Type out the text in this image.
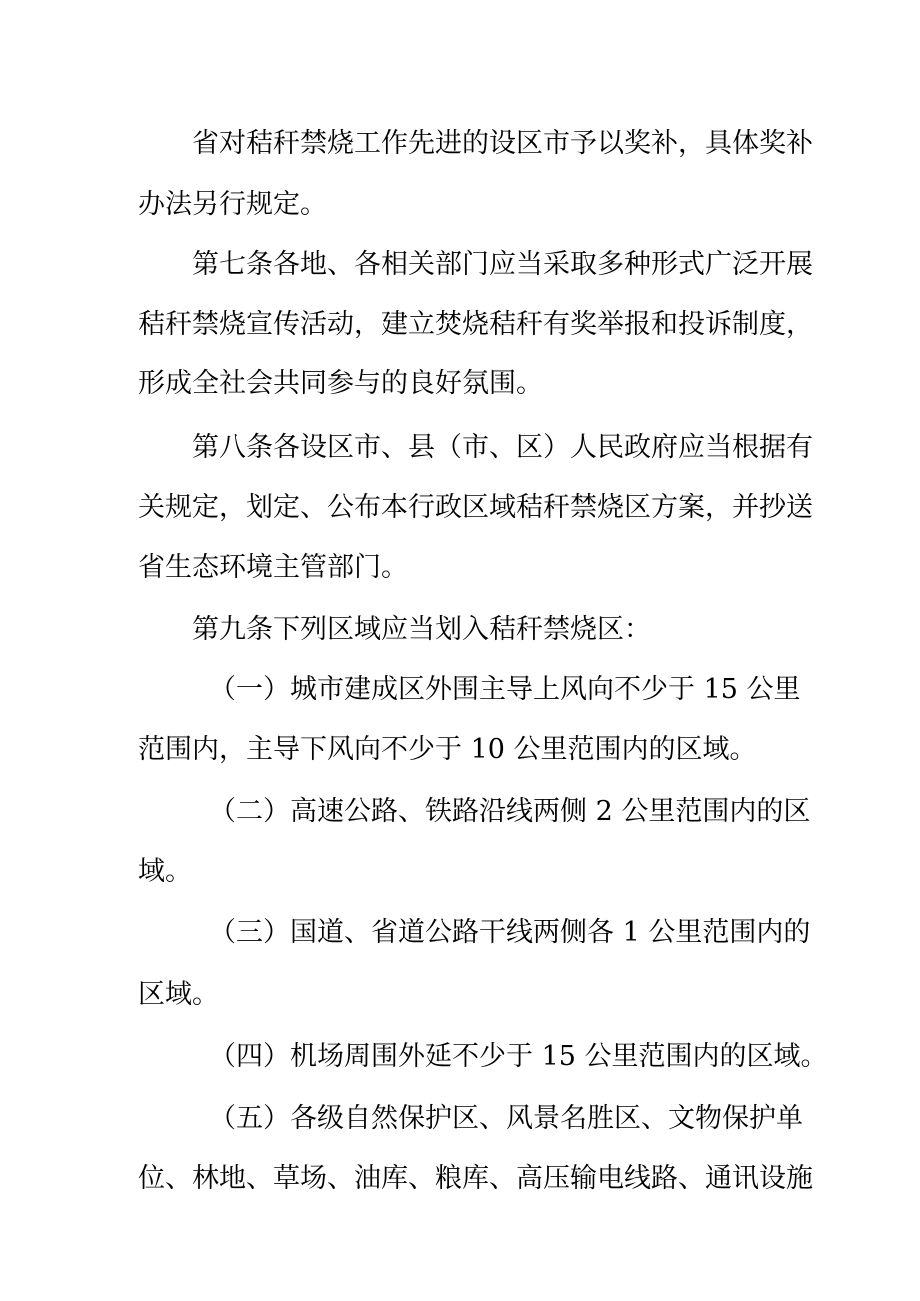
省对秸秆禁烧工作先进的设区市予以奖补，具体奖补
办法另行规定。
第七条各地、各相关部门应当采取多种形式广泛开展
秸秆禁烧宣传活动，建立焚烧秸秆有奖举报和投诉制度，
形成全社会共同参与的良好氛围。
第八条各设区市、县（市、区）人民政府应当根据有
关规定，划定、公布本行政区域秸秆禁烧区方案，并抄送
省生态环境主管部门。
第九条下列区域应当划入秸秆禁烧区：
（一）城市建成区外围主导上风向不少于 15 公里
范围内，主导下风向不少于 10 公里范围内的区域。
（二）高速公路、铁路沿线两侧 2 公里范围内的区
域。
（三）国道、省道公路干线两侧各 1 公里范围内的
区域。
（四）机场周围外延不少于 15 公里范围内的区域。
（五）各级自然保护区、风景名胜区、文物保护单
位、林地、草场、油库、粮库、高压输电线路、通讯设施
